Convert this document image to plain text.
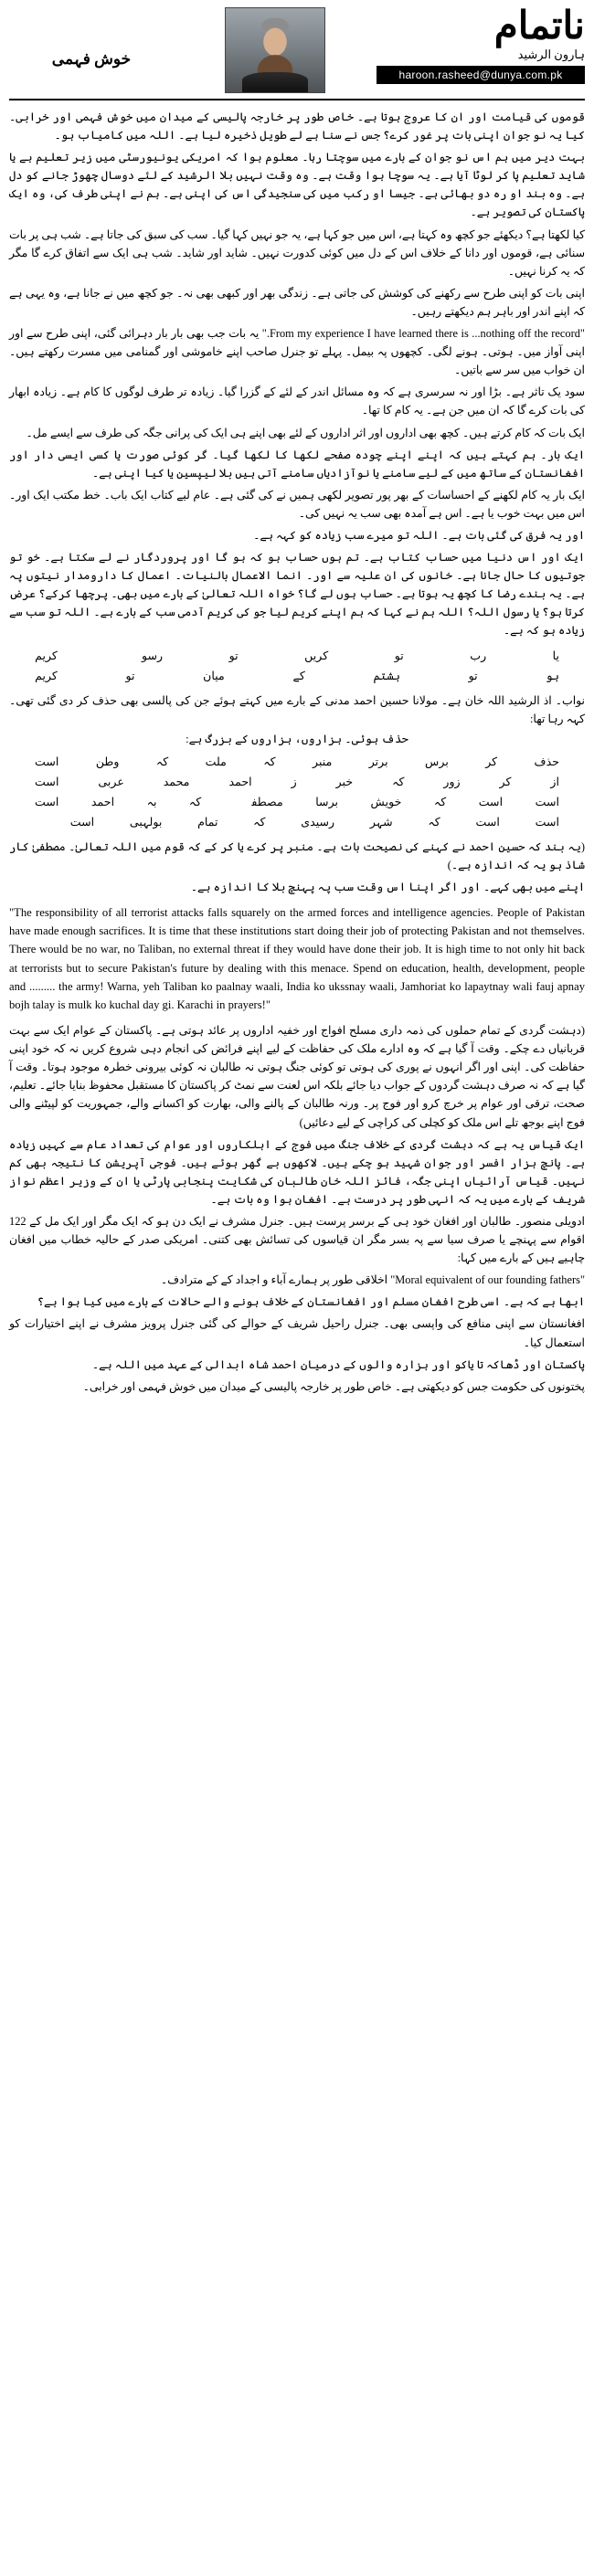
خوش فہمی
ناتمام
ہارون الرشید
haroon.rasheed@dunya.com.pk

قوموں کی قیامت اور ان کا عروج ہوتا ہے۔ خاص طور پر خارجہ پالیسی کے میدان میں خوش فہمی اور خرابی۔ کیا یہ نو جوان اپنی بات پر غور کرے؟ جس نے سنا ہے لے طویل ذخیرہ لیا ہے۔ اللہ میں کامیاب ہو۔

بہت دیر میں ہم اس نو جوان کے بارے میں سوچتا رہا۔ معلوم ہوا کہ امریکی یونیورسٹی میں زیر تعلیم ہے یا شاید تعلیم پا کر لوٹا آیا ہے۔ یہ سوچا ہوا وقت ہے۔ وہ وقت نہیں بلا الرشید کے لئے دوسال چھوڑ جانے کو دل ہے۔ وہ بند او رہ دو بھائی ہے۔ جیسا او رکب میں کی سنجیدگی اس کی اپنی ہے۔ ہم نے اپنی طرف کی، وہ ایک پاکستان کی تصویر ہے۔

کیا لکھتا ہے؟ دیکھئے جو کچھ وہ کہتا ہے، اس میں جو کہا ہے، یہ جو نہیں کہا گیا۔ سب کی سبق کی جاتا ہے۔ شب ہی پر بات سنائی ہے، قوموں اور دانا کے خلاف اس کے دل میں کوئی کدورت نہیں۔ شاید اور شاید۔ شب ہی ایک سے اتفاق کرے گا مگر کہ یہ کرنا نہیں۔

اپنی بات کو اپنی طرح سے رکھنے کی کوشش کی جاتی ہے۔ زندگی بھر اور کبھی بھی نہ۔ جو کچھ میں نے جانا ہے، وہ یہی ہے کہ اپنے اندر اور باہر ہم دیکھتے رہیں۔

"From my experience I have learned there is ...nothing off the record." یہ بات جب بھی بار بار دہرائی گئی، اپنی طرح سے اور اپنی آواز میں۔ ہوتی۔ ہونے لگی۔ کچھوں پہ بیمل۔ پہلے تو جنرل صاحب اپنے خاموشی اور گمنامی میں مسرت رکھتے ہیں۔ ان خواب میں سر سے باتیں۔

سود یک تاثر ہے۔ بڑا اور نہ سرسری ہے کہ وہ مسائل اندر کے لئے کے گزرا گیا۔ زیادہ تر طرف لوگوں کا کام ہے۔ زیادہ ابھار کی بات کرے گا کہ ان میں جن ہے۔ یہ کام کا تھا۔

ایک بات کہ کام کرتے ہیں۔ کچھ بھی اداروں اور اثر اداروں کے لئے بھی اپنے ہی ایک کی پرانی جگہ کی طرف سے ایسے مل۔

ایک بار۔ ہم کہتے ہیں کہ اپنے اپنے چودہ صفحے لکھا کا لکھا گیا۔ گر کوئی صورت یا کسی ایسی دار اور افغانستان کے ساتھ میں کے لیے سامنے یا نوآزادیاں سامنے آتی ہیں بلا لیپسین یا کیا اپنی ہے۔

ایک بار یہ کام لکھنے کے احساسات کے بھر پور تصویر لکھی ہمیں نے کی گئی ہے۔ عام لیے کتاب ایک باب۔ خط مکتب ایک اور۔ اس میں بہت خوب یا ہے۔ اس ہے آمدہ بھی سب یہ نہیں کی۔

اور یہ فرق کی گئی بات ہے۔ اللہ تو میرے سب زیادہ کو کہہ ہے۔

ایک اور اس دنیا میں حساب کتاب ہے۔ تم ہوں حساب ہو کہ ہو گا اور پروردگار نے لے سکتا ہے۔ خو تو جوتیوں کا حال جانا ہے۔ خانوں کی ان علیہ سے اور۔ انما الاعمال بالنیات۔ اعمال کا دارومدار نیتوں پہ ہے۔ یہ بندے رضا کا کچھ یہ ہوتا ہے۔ حساب ہوں لے گا؟ خواہ اللہ تعالیٰ کے بارے میں بھی۔ پرچھا کرکے؟ عرض کرتا ہو؟ یا رسول اللہ؟ اللہ ہم نے کہا کہ ہم اپنے کریم لیا جو کی کریم آدمی سب کے بارے ہے۔ اللہ تو سب سے زیادہ ہو کہ ہے۔

یا
رب
تو
کریں
تو
رسولؐ
کریم
ہو
تو
ہشتم
کے
میان
تو
کریم

نواب۔ اذ الرشید اللہ خان ہے۔ مولانا حسین احمد مدنی کے بارے میں کہتے ہوئے جن کی پالسی بھی حذف کر دی گئی تھی۔ کہہ رہا تھا:

حذف ہوئی۔ ہزاروں، ہزاروں کے بزرگ ہے:
حذف
کر
برس
برتر
منبر
کہ
ملت
کہ
وطن
است
از
کر
زور
کہ
خبر
ز
احمد
محمد
عربی
است
است
است
کہ
خویش
برسا
مصطفیؐ
کہ
بہ
احمد
است
است
است
کہ
شہر
رسیدی
کہ
تمام
بولہبی
است

(یہ بند کہ حسین احمد نے کہنے کی نصیحت بات ہے۔ منبر پر کرے یا کر کے کہ قوم میں اللہ تعالیٰ۔ مصطفیٰ کار شاذ ہو یہ کہ اندازہ ہے۔)

اپنے میں بھی کہے۔ اور اگر اپنا اس وقت سب پہ پہنچ بلا کا اندازہ ہے۔

"The responsibility of all terrorist attacks falls squarely on the armed forces and intelligence agencies. People of Pakistan have made enough sacrifices. It is time that these institutions start doing their job of protecting Pakistan and not themselves. There would be no war, no Taliban, no external threat if they would have done their job. It is high time to not only hit back at terrorists but to secure Pakistan's future by dealing with this menace. Spend on education, health, development, people and ......... the army! Warna, yeh Taliban ko paalnay waali, India ko ukssnay waali, Jamhoriat ko lapaytnay wali fauj apnay bojh talay is mulk ko kuchal day gi. Karachi in prayers!"

(دہشت گردی کے تمام حملوں کی ذمہ داری مسلح افواج اور خفیہ اداروں پر عائد ہوتی ہے۔ پاکستان کے عوام ایک سے بہت قربانیاں دے چکے۔ وقت آ گیا ہے کہ وہ ادارے ملک کی حفاظت کے لیے اپنے فرائض کی انجام دہی شروع کریں نہ کہ خود اپنی حفاظت کی۔ اپنی اور اگر انہوں نے پوری کی ہوتی تو کوئی جنگ ہوتی نہ طالبان نہ کوئی بیرونی خطرہ موجود ہوتا۔ وقت آ گیا ہے کہ نہ صرف دہشت گردوں کے جواب دیا جائے بلکہ اس لعنت سے نمٹ کر پاکستان کا مستقبل محفوظ بنایا جائے۔ تعلیم، صحت، ترقی اور عوام پر خرچ کرو اور فوج پر۔ ورنہ طالبان کے پالنے والی، بھارت کو اکسانے والے، جمہوریت کو لپیٹنے والی فوج اپنے بوجھ تلے اس ملک کو کچلی کی کراچی کے لیے دعائیں)

ایک قیاس یہ ہے کہ دہشت گردی کے خلاف جنگ میں فوج کے اہلکاروں اور عوام کی تعداد عام سے کہیں زیادہ ہے۔ پانچ ہزار افسر اور جوان شہید ہو چکے ہیں۔ لاکھوں بے گھر ہوئے ہیں۔ فوجی آپریشن کا نتیجہ بھی کم نہیں۔ قیاس آرائیاں اپنی جگہ، فائز اللہ خان طالبان کی شکایت پنجابی پارٹی یا ان کے وزیر اعظم نواز شریف کے بارے میں یہ کہ انہی طور پر درست ہے۔ افغان ہوا وہ بات ہے۔

ادویلی منصور۔ طالبان اور افغان خود ہی کے برسر پرست ہیں۔ جنرل مشرف نے ایک دن ہو کہ ایک مگر اور ایک مل کے 122 اقوام سے پہنچے یا صرف سیا سے پہ بسر مگر ان قیاسوں کی تسائش بھی کتنی۔ امریکی صدر کے حالیہ خطاب میں افغان چاہیے ہیں کے بارے میں کہا:

"Moral equivalent of our founding fathers" اخلاقی طور پر ہمارے آباء و اجداد کے کے مترادف۔

ابھا ہے کہ ہے۔ اسی طرح افغان مسلم اور افغانستان کے خلاف ہونے والے حالات کے بارے میں کیا ہوا ہے؟

افغانستان سے اپنی منافع کی واپسی بھی۔ جنرل راحیل شریف کے حوالے کی گئی جنرل پرویز مشرف نے اپنے اختیارات کو استعمال کیا۔

پاکستان اور ڈھاکہ تا یاکو اور ہزارہ والوں کے درمیان احمد شاہ ابدالی کے عہد میں اللہ ہے۔

پختونوں کی حکومت جس کو دیکھتی ہے۔ خاص طور پر خارجہ پالیسی کے میدان میں خوش فہمی اور خرابی۔
